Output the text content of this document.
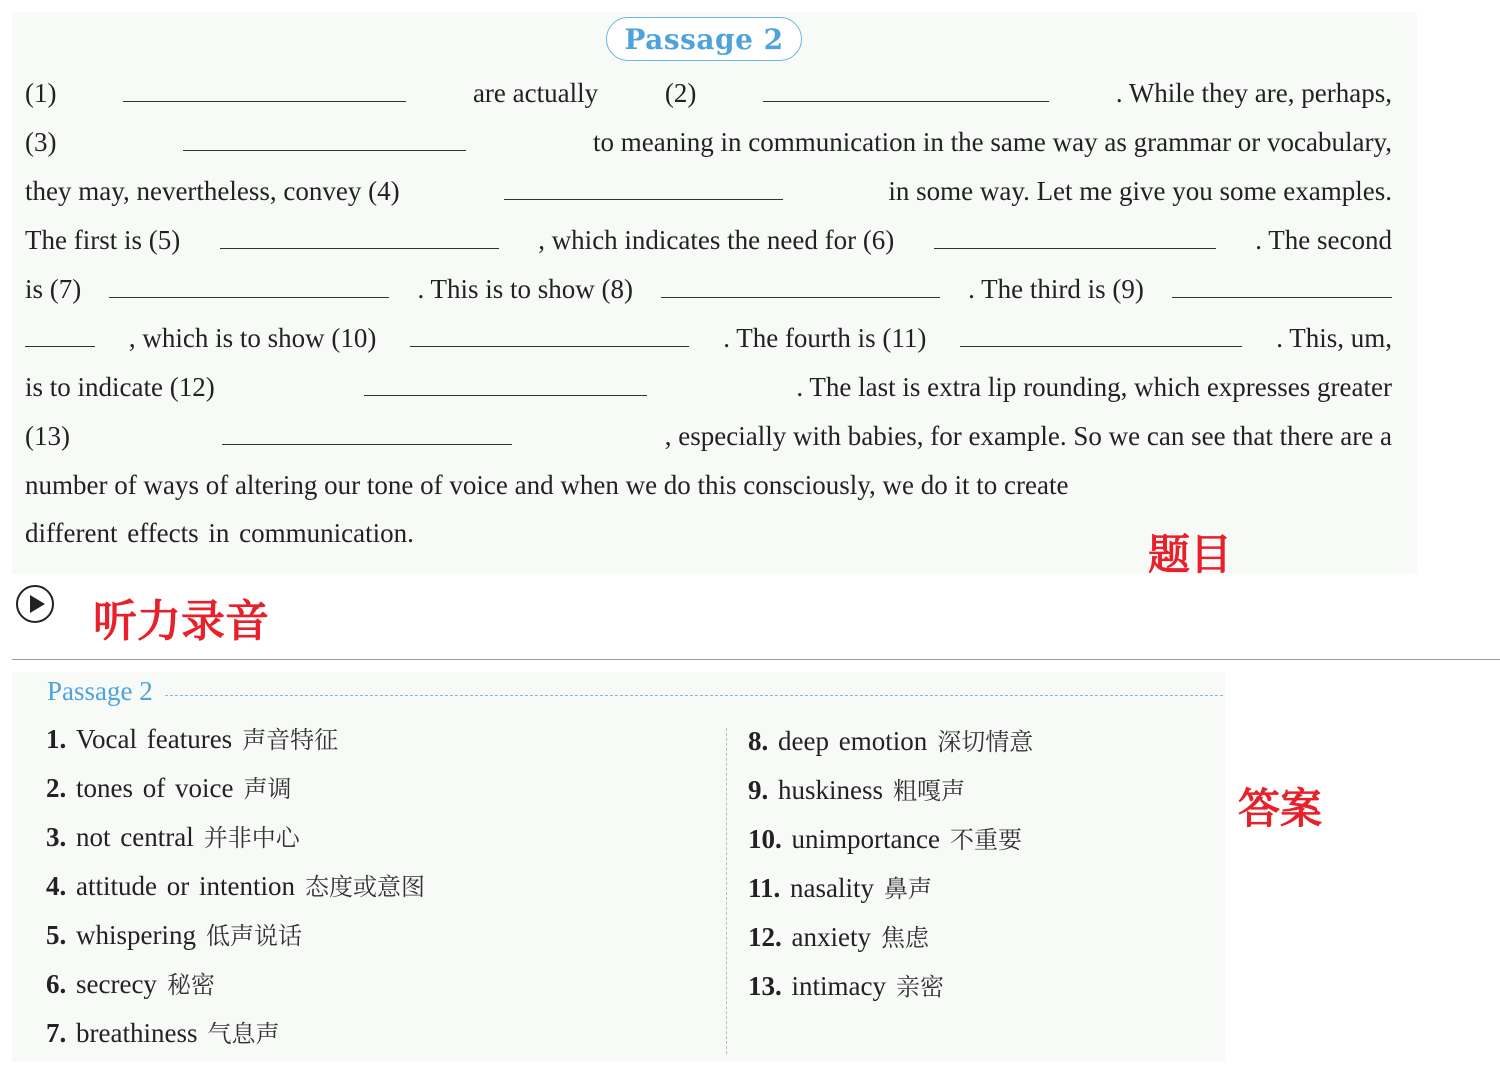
Passage 2
(1)	are actually (2)	. While they are, perhaps,
(3)	to meaning in communication in the same way as grammar or vocabulary,
they may, nevertheless, convey (4)	in some way. Let me give you some examples.
The first is (5)	, which indicates the need for (6)	. The second
is (7)	. This is to show (8)	. The third is (9)
, which is to show (10)	. The fourth is (11)	. This, um,
is to indicate (12)	. The last is extra lip rounding, which expresses greater
(13)	, especially with babies, for example. So we can see that there are a
number of ways of altering our tone of voice and when we do this consciously, we do it to create
different effects in communication.	题目
听力录音
Passage 2
1. Vocal features 声音特征
2. tones of voice 声调
3. not central 并非中心
4. attitude or intention 态度或意图
5. whispering 低声说话
6. secrecy 秘密
7. breathiness 气息声
8. deep emotion 深切情意
9. huskiness 粗嘎声
10. unimportance 不重要
11. nasality 鼻声
12. anxiety 焦虑
13. intimacy 亲密
答案
